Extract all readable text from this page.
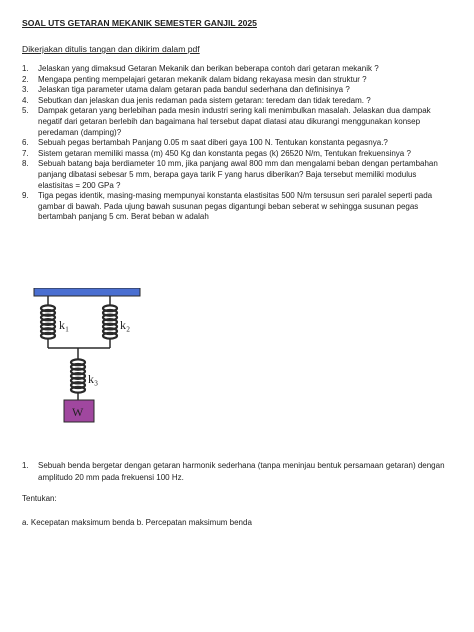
SOAL UTS GETARAN MEKANIK SEMESTER GANJIL 2025
Dikerjakan ditulis tangan dan dikirim dalam pdf
1.	Jelaskan yang dimaksud Getaran Mekanik dan berikan beberapa contoh dari getaran mekanik ?
2.	Mengapa penting mempelajari getaran mekanik dalam bidang rekayasa mesin dan struktur ?
3.	Jelaskan tiga parameter utama dalam getaran pada bandul sederhana dan definisinya ?
4.	Sebutkan dan jelaskan dua jenis redaman pada sistem getaran: teredam dan tidak teredam. ?
5.	Dampak getaran yang berlebihan pada mesin industri sering kali menimbulkan masalah. Jelaskan dua dampak negatif dari getaran berlebih dan bagaimana hal tersebut dapat diatasi atau dikurangi menggunakan konsep peredaman (damping)?
6.	Sebuah pegas bertambah Panjang 0.05 m saat diberi gaya 100 N. Tentukan konstanta pegasnya.?
7.	Sistem getaran memiliki massa (m) 450 Kg dan konstanta pegas (k) 26520 N/m, Tentukan frekuensinya ?
8.	Sebuah batang baja berdiameter 10 mm, jika panjang awal 800 mm dan mengalami beban dengan pertambahan panjang dibatasi sebesar 5 mm, berapa gaya tarik F yang harus diberikan? Baja tersebut memiliki modulus elastisitas = 200 GPa ?
9.	Tiga pegas identik, masing-masing mempunyai konstanta elastisitas 500 N/m tersusun seri paralel seperti pada gambar di bawah. Pada ujung bawah susunan pegas digantungi beban seberat w sehingga susunan pegas bertambah panjang 5 cm. Berat beban w adalah
k₁	k₂
k₃
W
1.	Sebuah benda bergetar dengan getaran harmonik sederhana (tanpa meninjau bentuk persamaan getaran) dengan amplitudo 20 mm pada frekuensi 100 Hz.
Tentukan:
a. Kecepatan maksimum benda b. Percepatan maksimum benda
